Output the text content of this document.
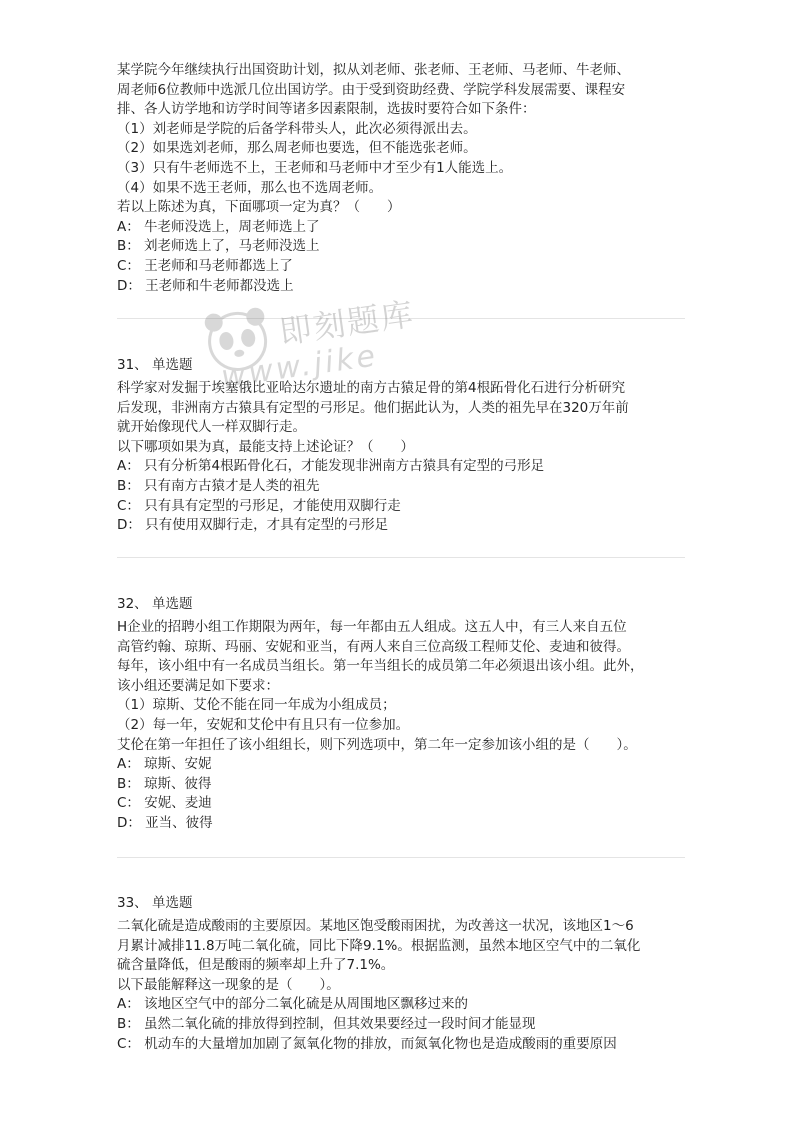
某学院今年继续执行出国资助计划，拟从刘老师、张老师、王老师、马老师、牛老师、
周老师6位教师中选派几位出国访学。由于受到资助经费、学院学科发展需要、课程安
排、各人访学地和访学时间等诸多因素限制，选拔时要符合如下条件：
（1）刘老师是学院的后备学科带头人，此次必须得派出去。
（2）如果选刘老师，那么周老师也要选，但不能选张老师。
（3）只有牛老师选不上，王老师和马老师中才至少有1人能选上。
（4）如果不选王老师，那么也不选周老师。
若以上陈述为真，下面哪项一定为真？（　　）
A： 牛老师没选上，周老师选上了
B： 刘老师选上了，马老师没选上
C： 王老师和马老师都选上了
D： 王老师和牛老师都没选上
31、 单选题
科学家对发掘于埃塞俄比亚哈达尔遗址的南方古猿足骨的第4根跖骨化石进行分析研究
后发现，非洲南方古猿具有定型的弓形足。他们据此认为，人类的祖先早在320万年前
就开始像现代人一样双脚行走。
以下哪项如果为真，最能支持上述论证？（　　）
A： 只有分析第4根跖骨化石，才能发现非洲南方古猿具有定型的弓形足
B： 只有南方古猿才是人类的祖先
C： 只有具有定型的弓形足，才能使用双脚行走
D： 只有使用双脚行走，才具有定型的弓形足
32、 单选题
H企业的招聘小组工作期限为两年，每一年都由五人组成。这五人中，有三人来自五位
高管约翰、琼斯、玛丽、安妮和亚当，有两人来自三位高级工程师艾伦、麦迪和彼得。
每年，该小组中有一名成员当组长。第一年当组长的成员第二年必须退出该小组。此外，
该小组还要满足如下要求：
（1）琼斯、艾伦不能在同一年成为小组成员；
（2）每一年，安妮和艾伦中有且只有一位参加。
艾伦在第一年担任了该小组组长，则下列选项中，第二年一定参加该小组的是（　　）。
A： 琼斯、安妮
B： 琼斯、彼得
C： 安妮、麦迪
D： 亚当、彼得
33、 单选题
二氧化硫是造成酸雨的主要原因。某地区饱受酸雨困扰，为改善这一状况，该地区1～6
月累计减排11.8万吨二氧化硫，同比下降9.1%。根据监测，虽然本地区空气中的二氧化
硫含量降低，但是酸雨的频率却上升了7.1%。
以下最能解释这一现象的是（　　）。
A： 该地区空气中的部分二氧化硫是从周围地区飘移过来的
B： 虽然二氧化硫的排放得到控制，但其效果要经过一段时间才能显现
C： 机动车的大量增加加剧了氮氧化物的排放，而氮氧化物也是造成酸雨的重要原因
即刻题库
www.jike
